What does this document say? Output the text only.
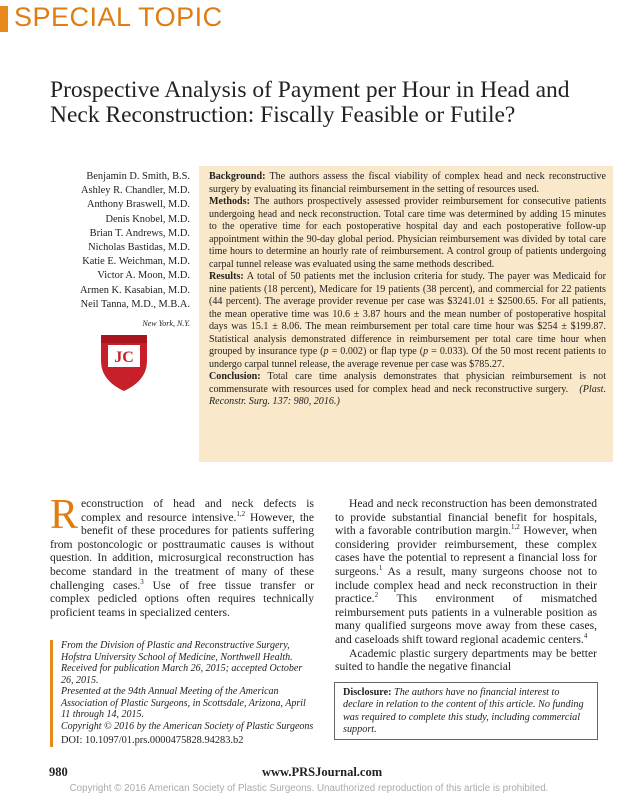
SPECIAL TOPIC
Prospective Analysis of Payment per Hour in Head and Neck Reconstruction: Fiscally Feasible or Futile?
Benjamin D. Smith, B.S.
Ashley R. Chandler, M.D.
Anthony Braswell, M.D.
Denis Knobel, M.D.
Brian T. Andrews, M.D.
Nicholas Bastidas, M.D.
Katie E. Weichman, M.D.
Victor A. Moon, M.D.
Armen K. Kasabian, M.D.
Neil Tanna, M.D., M.B.A.
New York, N.Y.
JC

Background: The authors assess the fiscal viability of complex head and neck reconstructive surgery by evaluating its financial reimbursement in the setting of resources used.

Methods: The authors prospectively assessed provider reimbursement for consecutive patients undergoing head and neck reconstruction. Total care time was determined by adding 15 minutes to the operative time for each postoperative hospital day and each postoperative follow-up appointment within the 90-day global period. Physician reimbursement was divided by total care time hours to determine an hourly rate of reimbursement. A control group of patients undergoing carpal tunnel release was evaluated using the same methods described.

Results: A total of 50 patients met the inclusion criteria for study. The payer was Medicaid for nine patients (18 percent), Medicare for 19 patients (38 percent), and commercial for 22 patients (44 percent). The average provider revenue per case was $3241.01 ± $2500.65. For all patients, the mean operative time was 10.6 ± 3.87 hours and the mean number of postoperative hospital days was 15.1 ± 8.06. The mean reimbursement per total care time hour was $254 ± $199.87. Statistical analysis demonstrated difference in reimbursement per total care time hour when grouped by insurance type (p = 0.002) or flap type (p = 0.033). Of the 50 most recent patients to undergo carpal tunnel release, the average revenue per case was $785.27.

Conclusion: Total care time analysis demonstrates that physician reimbursement is not commensurate with resources used for complex head and neck reconstructive surgery. (Plast. Reconstr. Surg. 137: 980, 2016.)

Reconstruction of head and neck defects is complex and resource intensive.$^{1,2}$ However, the benefit of these procedures for patients suffering from postoncologic or posttraumatic causes is without question. In addition, microsurgical reconstruction has become standard in the treatment of many of these challenging cases.$^3$ Use of free tissue transfer or complex pedicled options often requires technically proficient teams in specialized centers.

Head and neck reconstruction has been demonstrated to provide substantial financial benefit for hospitals, with a favorable contribution margin.$^{1,2}$ However, when considering provider reimbursement, these complex cases have the potential to represent a financial loss for surgeons.$^1$ As a result, many surgeons choose not to include complex head and neck reconstruction in their practice.$^2$ This environment of mismatched reimbursement puts patients in a vulnerable position as many qualified surgeons move away from these cases, and caseloads shift toward regional academic centers.$^4$

Academic plastic surgery departments may be better suited to handle the negative financial

From the Division of Plastic and Reconstructive Surgery, Hofstra University School of Medicine, Northwell Health.

Received for publication March 26, 2015; accepted October 26, 2015.

Presented at the 94th Annual Meeting of the American Association of Plastic Surgeons, in Scottsdale, Arizona, April 11 through 14, 2015.

Copyright © 2016 by the American Society of Plastic Surgeons

DOI: 10.1097/01.prs.0000475828.94283.b2

Disclosure: The authors have no financial interest to declare in relation to the content of this article. No funding was required to complete this study, including commercial support.
980	www.PRSJournal.com
Copyright © 2016 American Society of Plastic Surgeons. Unauthorized reproduction of this article is prohibited.
